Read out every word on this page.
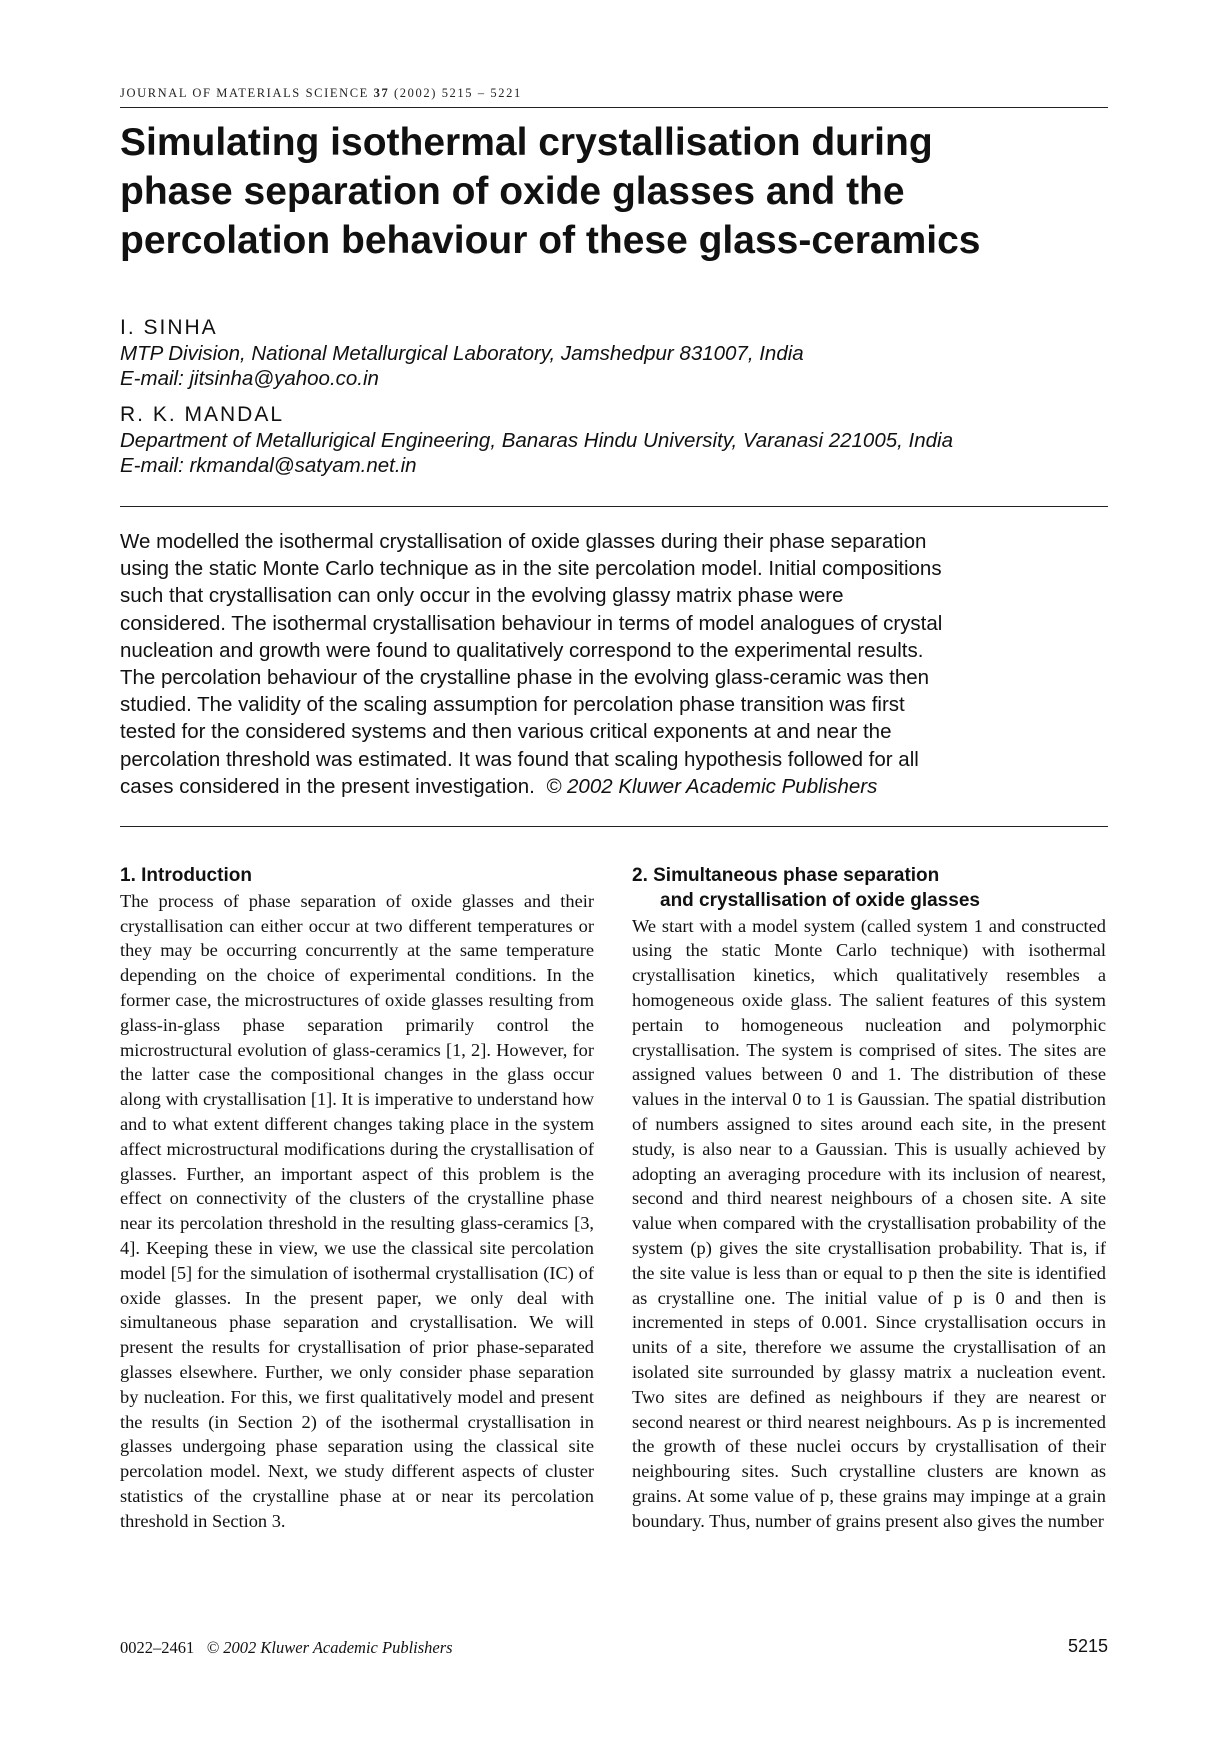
JOURNAL OF MATERIALS SCIENCE 37 (2002) 5215 – 5221
Simulating isothermal crystallisation during
phase separation of oxide glasses and the
percolation behaviour of these glass-ceramics
I. SINHA
MTP Division, National Metallurgical Laboratory, Jamshedpur 831007, India
E-mail: jitsinha@yahoo.co.in
R. K. MANDAL
Department of Metallurigical Engineering, Banaras Hindu University, Varanasi 221005, India
E-mail: rkmandal@satyam.net.in
We modelled the isothermal crystallisation of oxide glasses during their phase separation
using the static Monte Carlo technique as in the site percolation model. Initial compositions
such that crystallisation can only occur in the evolving glassy matrix phase were
considered. The isothermal crystallisation behaviour in terms of model analogues of crystal
nucleation and growth were found to qualitatively correspond to the experimental results.
The percolation behaviour of the crystalline phase in the evolving glass-ceramic was then
studied. The validity of the scaling assumption for percolation phase transition was first
tested for the considered systems and then various critical exponents at and near the
percolation threshold was estimated. It was found that scaling hypothesis followed for all
cases considered in the present investigation. © 2002 Kluwer Academic Publishers
1. Introduction
The process of phase separation of oxide glasses and their crystallisation can either occur at two different temperatures or they may be occurring concurrently at the same temperature depending on the choice of experimental conditions. In the former case, the microstructures of oxide glasses resulting from glass-in-glass phase separation primarily control the microstructural evolution of glass-ceramics [1, 2]. However, for the latter case the compositional changes in the glass occur along with crystallisation [1]. It is imperative to understand how and to what extent different changes taking place in the system affect microstructural modifications during the crystallisation of glasses. Further, an important aspect of this problem is the effect on connectivity of the clusters of the crystalline phase near its percolation threshold in the resulting glass-ceramics [3, 4]. Keeping these in view, we use the classical site percolation model [5] for the simulation of isothermal crystallisation (IC) of oxide glasses. In the present paper, we only deal with simultaneous phase separation and crystallisation. We will present the results for crystallisation of prior phase-separated glasses elsewhere. Further, we only consider phase separation by nucleation. For this, we first qualitatively model and present the results (in Section 2) of the isothermal crystallisation in glasses undergoing phase separation using the classical site percolation model. Next, we study different aspects of cluster statistics of the crystalline phase at or near its percolation threshold in Section 3.
2. Simultaneous phase separation
and crystallisation of oxide glasses
We start with a model system (called system 1 and constructed using the static Monte Carlo technique) with isothermal crystallisation kinetics, which qualitatively resembles a homogeneous oxide glass. The salient features of this system pertain to homogeneous nucleation and polymorphic crystallisation. The system is comprised of sites. The sites are assigned values between 0 and 1. The distribution of these values in the interval 0 to 1 is Gaussian. The spatial distribution of numbers assigned to sites around each site, in the present study, is also near to a Gaussian. This is usually achieved by adopting an averaging procedure with its inclusion of nearest, second and third nearest neighbours of a chosen site. A site value when compared with the crystallisation probability of the system (p) gives the site crystallisation probability. That is, if the site value is less than or equal to p then the site is identified as crystalline one. The initial value of p is 0 and then is incremented in steps of 0.001. Since crystallisation occurs in units of a site, therefore we assume the crystallisation of an isolated site surrounded by glassy matrix a nucleation event. Two sites are defined as neighbours if they are nearest or second nearest or third nearest neighbours. As p is incremented the growth of these nuclei occurs by crystallisation of their neighbouring sites. Such crystalline clusters are known as grains. At some value of p, these grains may impinge at a grain boundary. Thus, number of grains present also gives the number
0022–2461 © 2002 Kluwer Academic Publishers	5215
